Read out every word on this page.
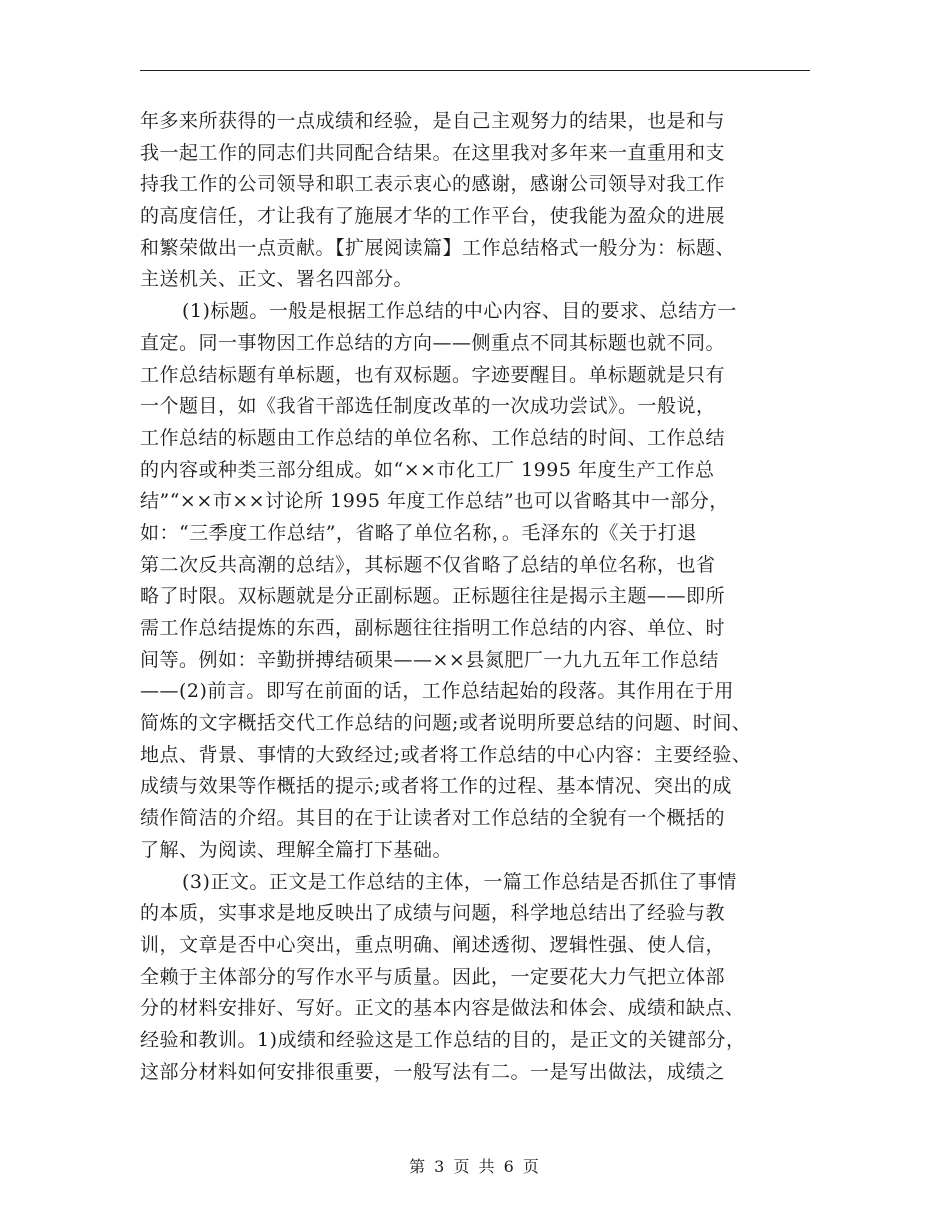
年多来所获得的一点成绩和经验，是自己主观努力的结果，也是和与
我一起工作的同志们共同配合结果。在这里我对多年来一直重用和支
持我工作的公司领导和职工表示衷心的感谢，感谢公司领导对我工作
的高度信任，才让我有了施展才华的工作平台，使我能为盈众的进展
和繁荣做出一点贡献。【扩展阅读篇】工作总结格式一般分为：标题、
主送机关、正文、署名四部分。
(1)标题。一般是根据工作总结的中心内容、目的要求、总结方一
直定。同一事物因工作总结的方向——侧重点不同其标题也就不同。
工作总结标题有单标题，也有双标题。字迹要醒目。单标题就是只有
一个题目，如《我省干部选任制度改革的一次成功尝试》。一般说，
工作总结的标题由工作总结的单位名称、工作总结的时间、工作总结
的内容或种类三部分组成。如“××市化工厂 1995 年度生产工作总
结”“××市××讨论所 1995 年度工作总结”也可以省略其中一部分，
如：“三季度工作总结”，省略了单位名称，。毛泽东的《关于打退
第二次反共高潮的总结》，其标题不仅省略了总结的单位名称，也省
略了时限。双标题就是分正副标题。正标题往往是揭示主题——即所
需工作总结提炼的东西，副标题往往指明工作总结的内容、单位、时
间等。例如：辛勤拼搏结硕果——××县氮肥厂一九九五年工作总结
——(2)前言。即写在前面的话，工作总结起始的段落。其作用在于用
简炼的文字概括交代工作总结的问题;或者说明所要总结的问题、时间、
地点、背景、事情的大致经过;或者将工作总结的中心内容：主要经验、
成绩与效果等作概括的提示;或者将工作的过程、基本情况、突出的成
绩作简洁的介绍。其目的在于让读者对工作总结的全貌有一个概括的
了解、为阅读、理解全篇打下基础。
(3)正文。正文是工作总结的主体，一篇工作总结是否抓住了事情
的本质，实事求是地反映出了成绩与问题，科学地总结出了经验与教
训，文章是否中心突出，重点明确、阐述透彻、逻辑性强、使人信，
全赖于主体部分的写作水平与质量。因此，一定要花大力气把立体部
分的材料安排好、写好。正文的基本内容是做法和体会、成绩和缺点、
经验和教训。1)成绩和经验这是工作总结的目的，是正文的关键部分，
这部分材料如何安排很重要，一般写法有二。一是写出做法，成绩之
第 3 页 共 6 页
